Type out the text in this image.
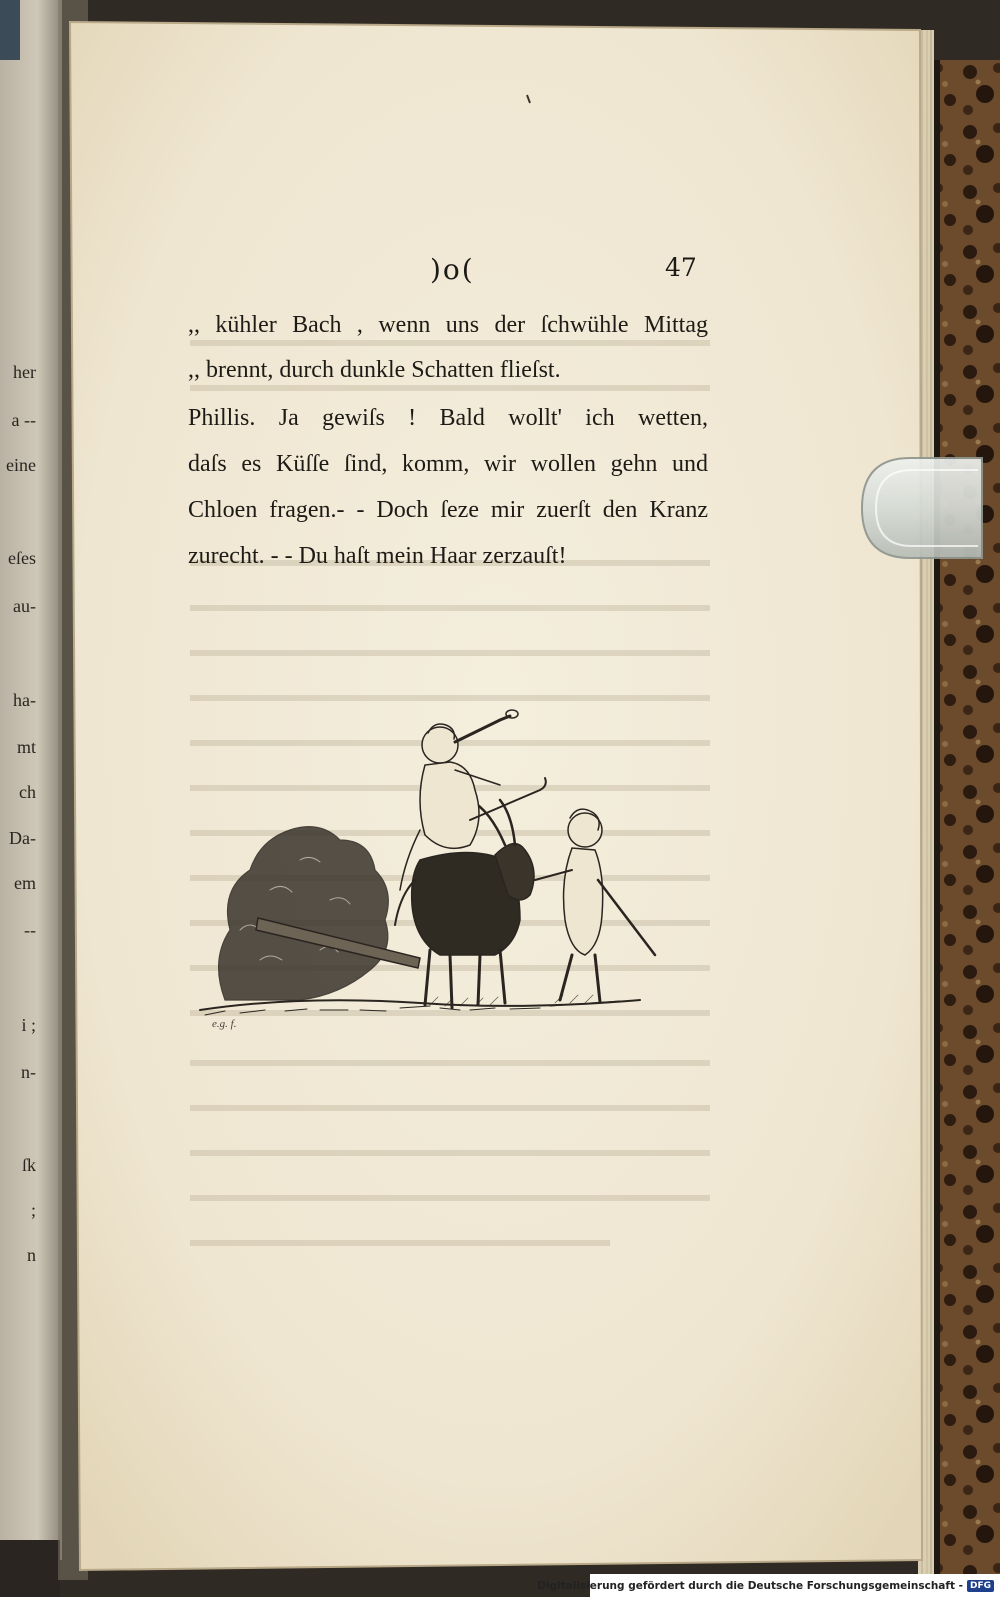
)o(	47
,, kühler Bach , wenn uns der ſchwühle Mittag
,, brennt, durch dunkle Schatten flieſst.
Phillis. Ja gewiſs ! Bald wollt' ich wetten,
daſs es Küſſe ſind, komm, wir wollen gehn und
Chloen fragen.- - Doch ſeze mir zuerſt den Kranz
zurecht. - - Du haſt mein Haar zerzauſt!
e.g. f.
her
a --
eine
eſes
au-
ha-
mt
ch
Da-
em
--
i ;
n-
ſk
;
n
Digitalisierung gefördert durch die Deutsche Forschungsgemeinschaft - DFG
